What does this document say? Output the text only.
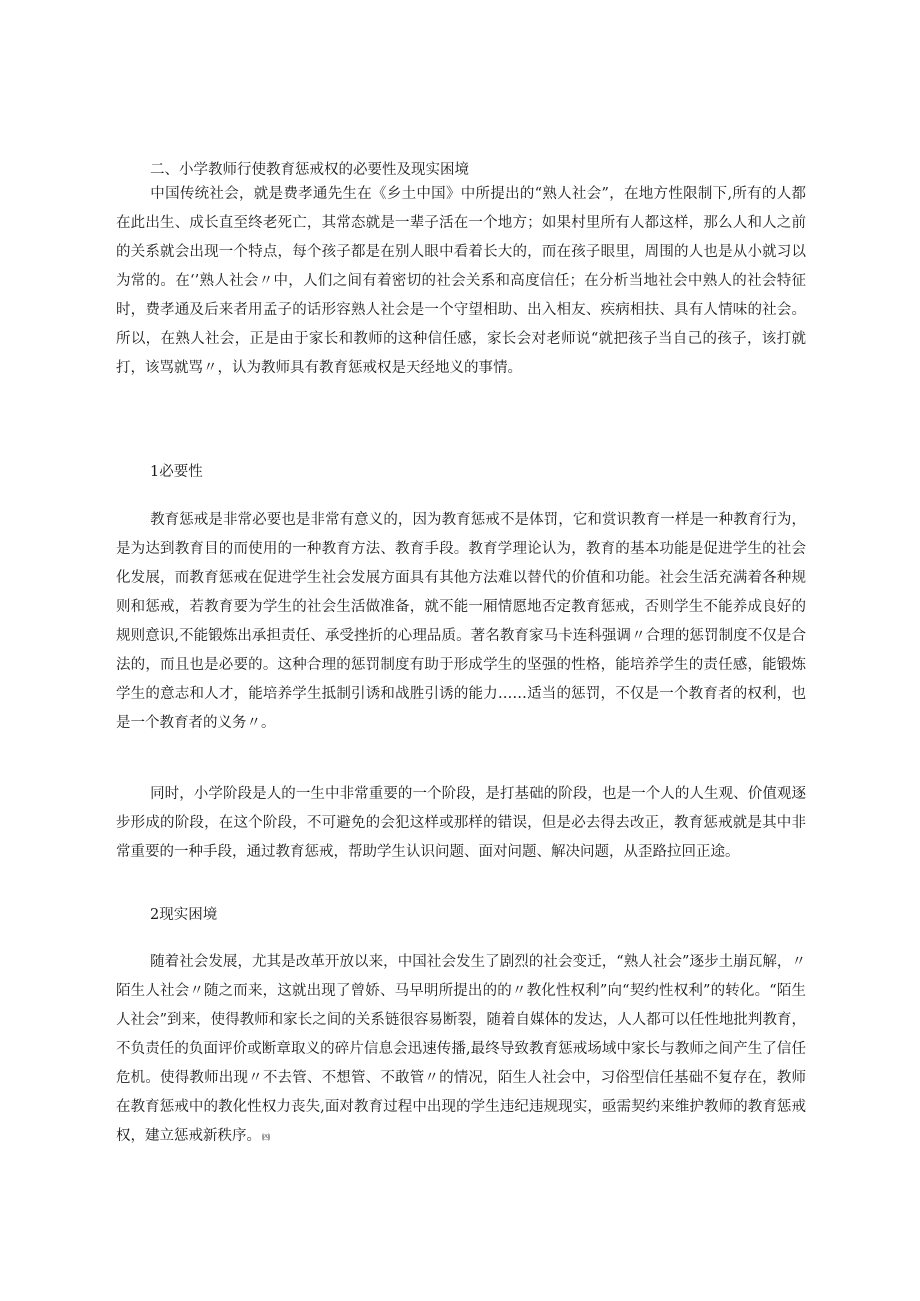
二、小学教师行使教育惩戒权的必要性及现实困境

中国传统社会，就是费孝通先生在《乡土中国》中所提出的“熟人社会”，在地方性限制下,所有的人都在此出生、成长直至终老死亡，其常态就是一辈子活在一个地方；如果村里所有人都这样，那么人和人之前的关系就会出现一个特点，每个孩子都是在别人眼中看着长大的，而在孩子眼里，周围的人也是从小就习以为常的。在‘’熟人社会〃中，人们之间有着密切的社会关系和高度信任；在分析当地社会中熟人的社会特征时，费孝通及后来者用孟子的话形容熟人社会是一个守望相助、出入相友、疾病相扶、具有人情味的社会。所以，在熟人社会，正是由于家长和教师的这种信任感，家长会对老师说“就把孩子当自己的孩子，该打就打，该骂就骂〃，认为教师具有教育惩戒权是天经地义的事情。

1必要性

教育惩戒是非常必要也是非常有意义的，因为教育惩戒不是体罚，它和赏识教育一样是一种教育行为，是为达到教育目的而使用的一种教育方法、教育手段。教育学理论认为，教育的基本功能是促进学生的社会化发展，而教育惩戒在促进学生社会发展方面具有其他方法难以替代的价值和功能。社会生活充满着各种规则和惩戒，若教育要为学生的社会生活做准备，就不能一厢情愿地否定教育惩戒，否则学生不能养成良好的规则意识,不能锻炼出承担责任、承受挫折的心理品质。著名教育家马卡连科强调〃合理的惩罚制度不仅是合法的，而且也是必要的。这种合理的惩罚制度有助于形成学生的坚强的性格，能培养学生的责任感，能锻炼学生的意志和人才，能培养学生抵制引诱和战胜引诱的能力……适当的惩罚，不仅是一个教育者的权利，也是一个教育者的义务〃。

同时，小学阶段是人的一生中非常重要的一个阶段，是打基础的阶段，也是一个人的人生观、价值观逐步形成的阶段，在这个阶段，不可避免的会犯这样或那样的错误，但是必去得去改正，教育惩戒就是其中非常重要的一种手段，通过教育惩戒，帮助学生认识问题、面对问题、解决问题，从歪路拉回正途。

2现实困境

随着社会发展，尤其是改革开放以来，中国社会发生了剧烈的社会变迁，“熟人社会”逐步土崩瓦解，〃陌生人社会〃随之而来，这就出现了曾娇、马早明所提出的的〃教化性权利”向“契约性权利”的转化。“陌生人社会”到来，使得教师和家长之间的关系链很容易断裂，随着自媒体的发达，人人都可以任性地批判教育，不负责任的负面评价或断章取义的碎片信息会迅速传播,最终导致教育惩戒场域中家长与教师之间产生了信任危机。使得教师出现〃不去管、不想管、不敢管〃的情况，陌生人社会中，习俗型信任基础不复存在，教师在教育惩戒中的教化性权力丧失,面对教育过程中出现的学生违纪违规现实，亟需契约来维护教师的教育惩戒权，建立惩戒新秩序。㈣
